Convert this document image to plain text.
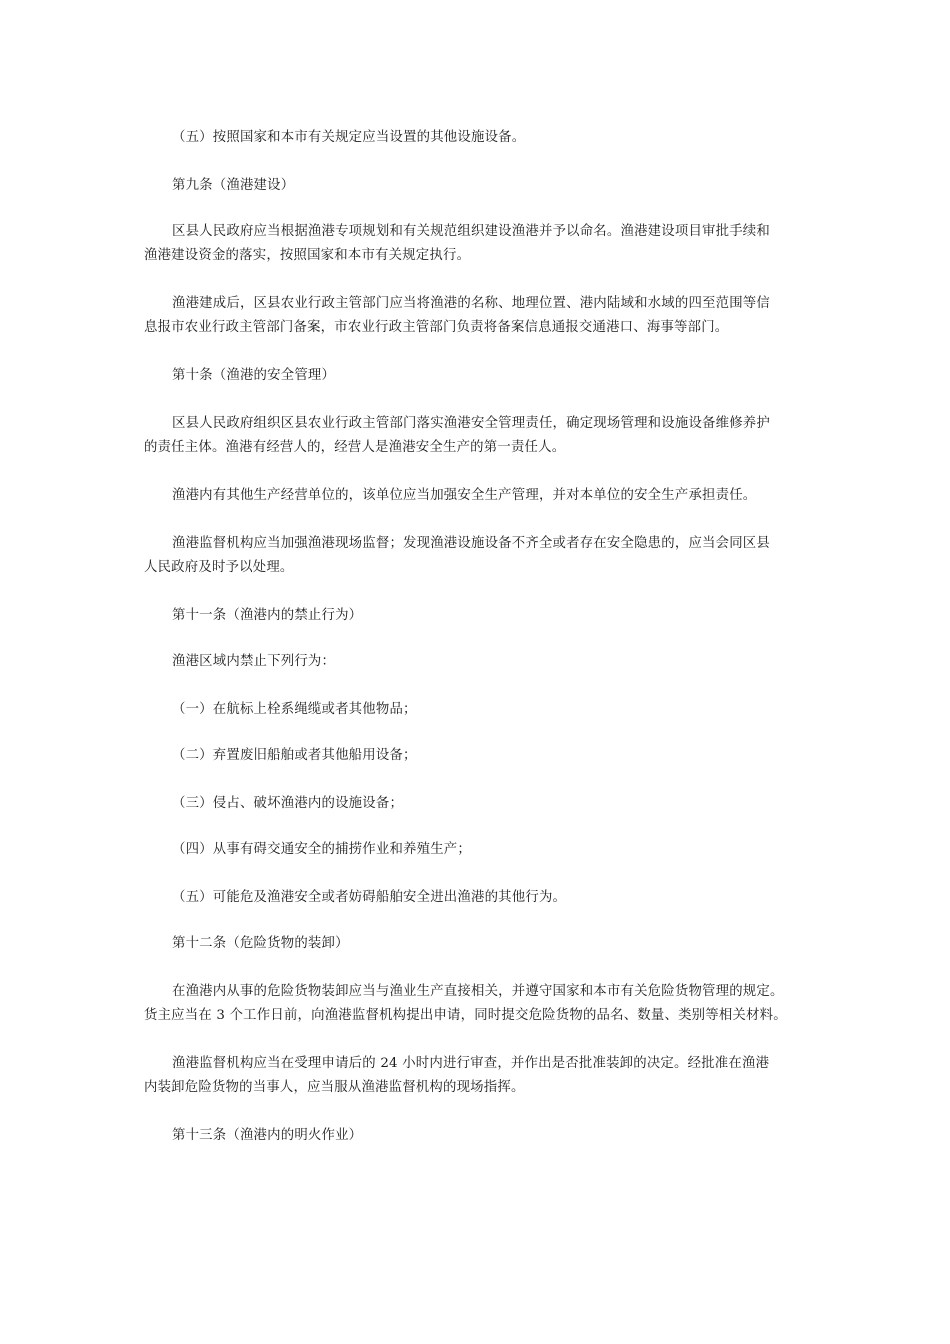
（五）按照国家和本市有关规定应当设置的其他设施设备。

第九条（渔港建设）

区县人民政府应当根据渔港专项规划和有关规范组织建设渔港并予以命名。渔港建设项目审批手续和
渔港建设资金的落实，按照国家和本市有关规定执行。

渔港建成后，区县农业行政主管部门应当将渔港的名称、地理位置、港内陆域和水域的四至范围等信
息报市农业行政主管部门备案，市农业行政主管部门负责将备案信息通报交通港口、海事等部门。

第十条（渔港的安全管理）

区县人民政府组织区县农业行政主管部门落实渔港安全管理责任，确定现场管理和设施设备维修养护
的责任主体。渔港有经营人的，经营人是渔港安全生产的第一责任人。

渔港内有其他生产经营单位的，该单位应当加强安全生产管理，并对本单位的安全生产承担责任。

渔港监督机构应当加强渔港现场监督；发现渔港设施设备不齐全或者存在安全隐患的，应当会同区县
人民政府及时予以处理。

第十一条（渔港内的禁止行为）

渔港区域内禁止下列行为：

（一）在航标上栓系绳缆或者其他物品；

（二）弃置废旧船舶或者其他船用设备；

（三）侵占、破坏渔港内的设施设备；

（四）从事有碍交通安全的捕捞作业和养殖生产；

（五）可能危及渔港安全或者妨碍船舶安全进出渔港的其他行为。

第十二条（危险货物的装卸）

在渔港内从事的危险货物装卸应当与渔业生产直接相关，并遵守国家和本市有关危险货物管理的规定。
货主应当在 3 个工作日前，向渔港监督机构提出申请，同时提交危险货物的品名、数量、类别等相关材料。

渔港监督机构应当在受理申请后的 24 小时内进行审查，并作出是否批准装卸的决定。经批准在渔港
内装卸危险货物的当事人，应当服从渔港监督机构的现场指挥。

第十三条（渔港内的明火作业）
